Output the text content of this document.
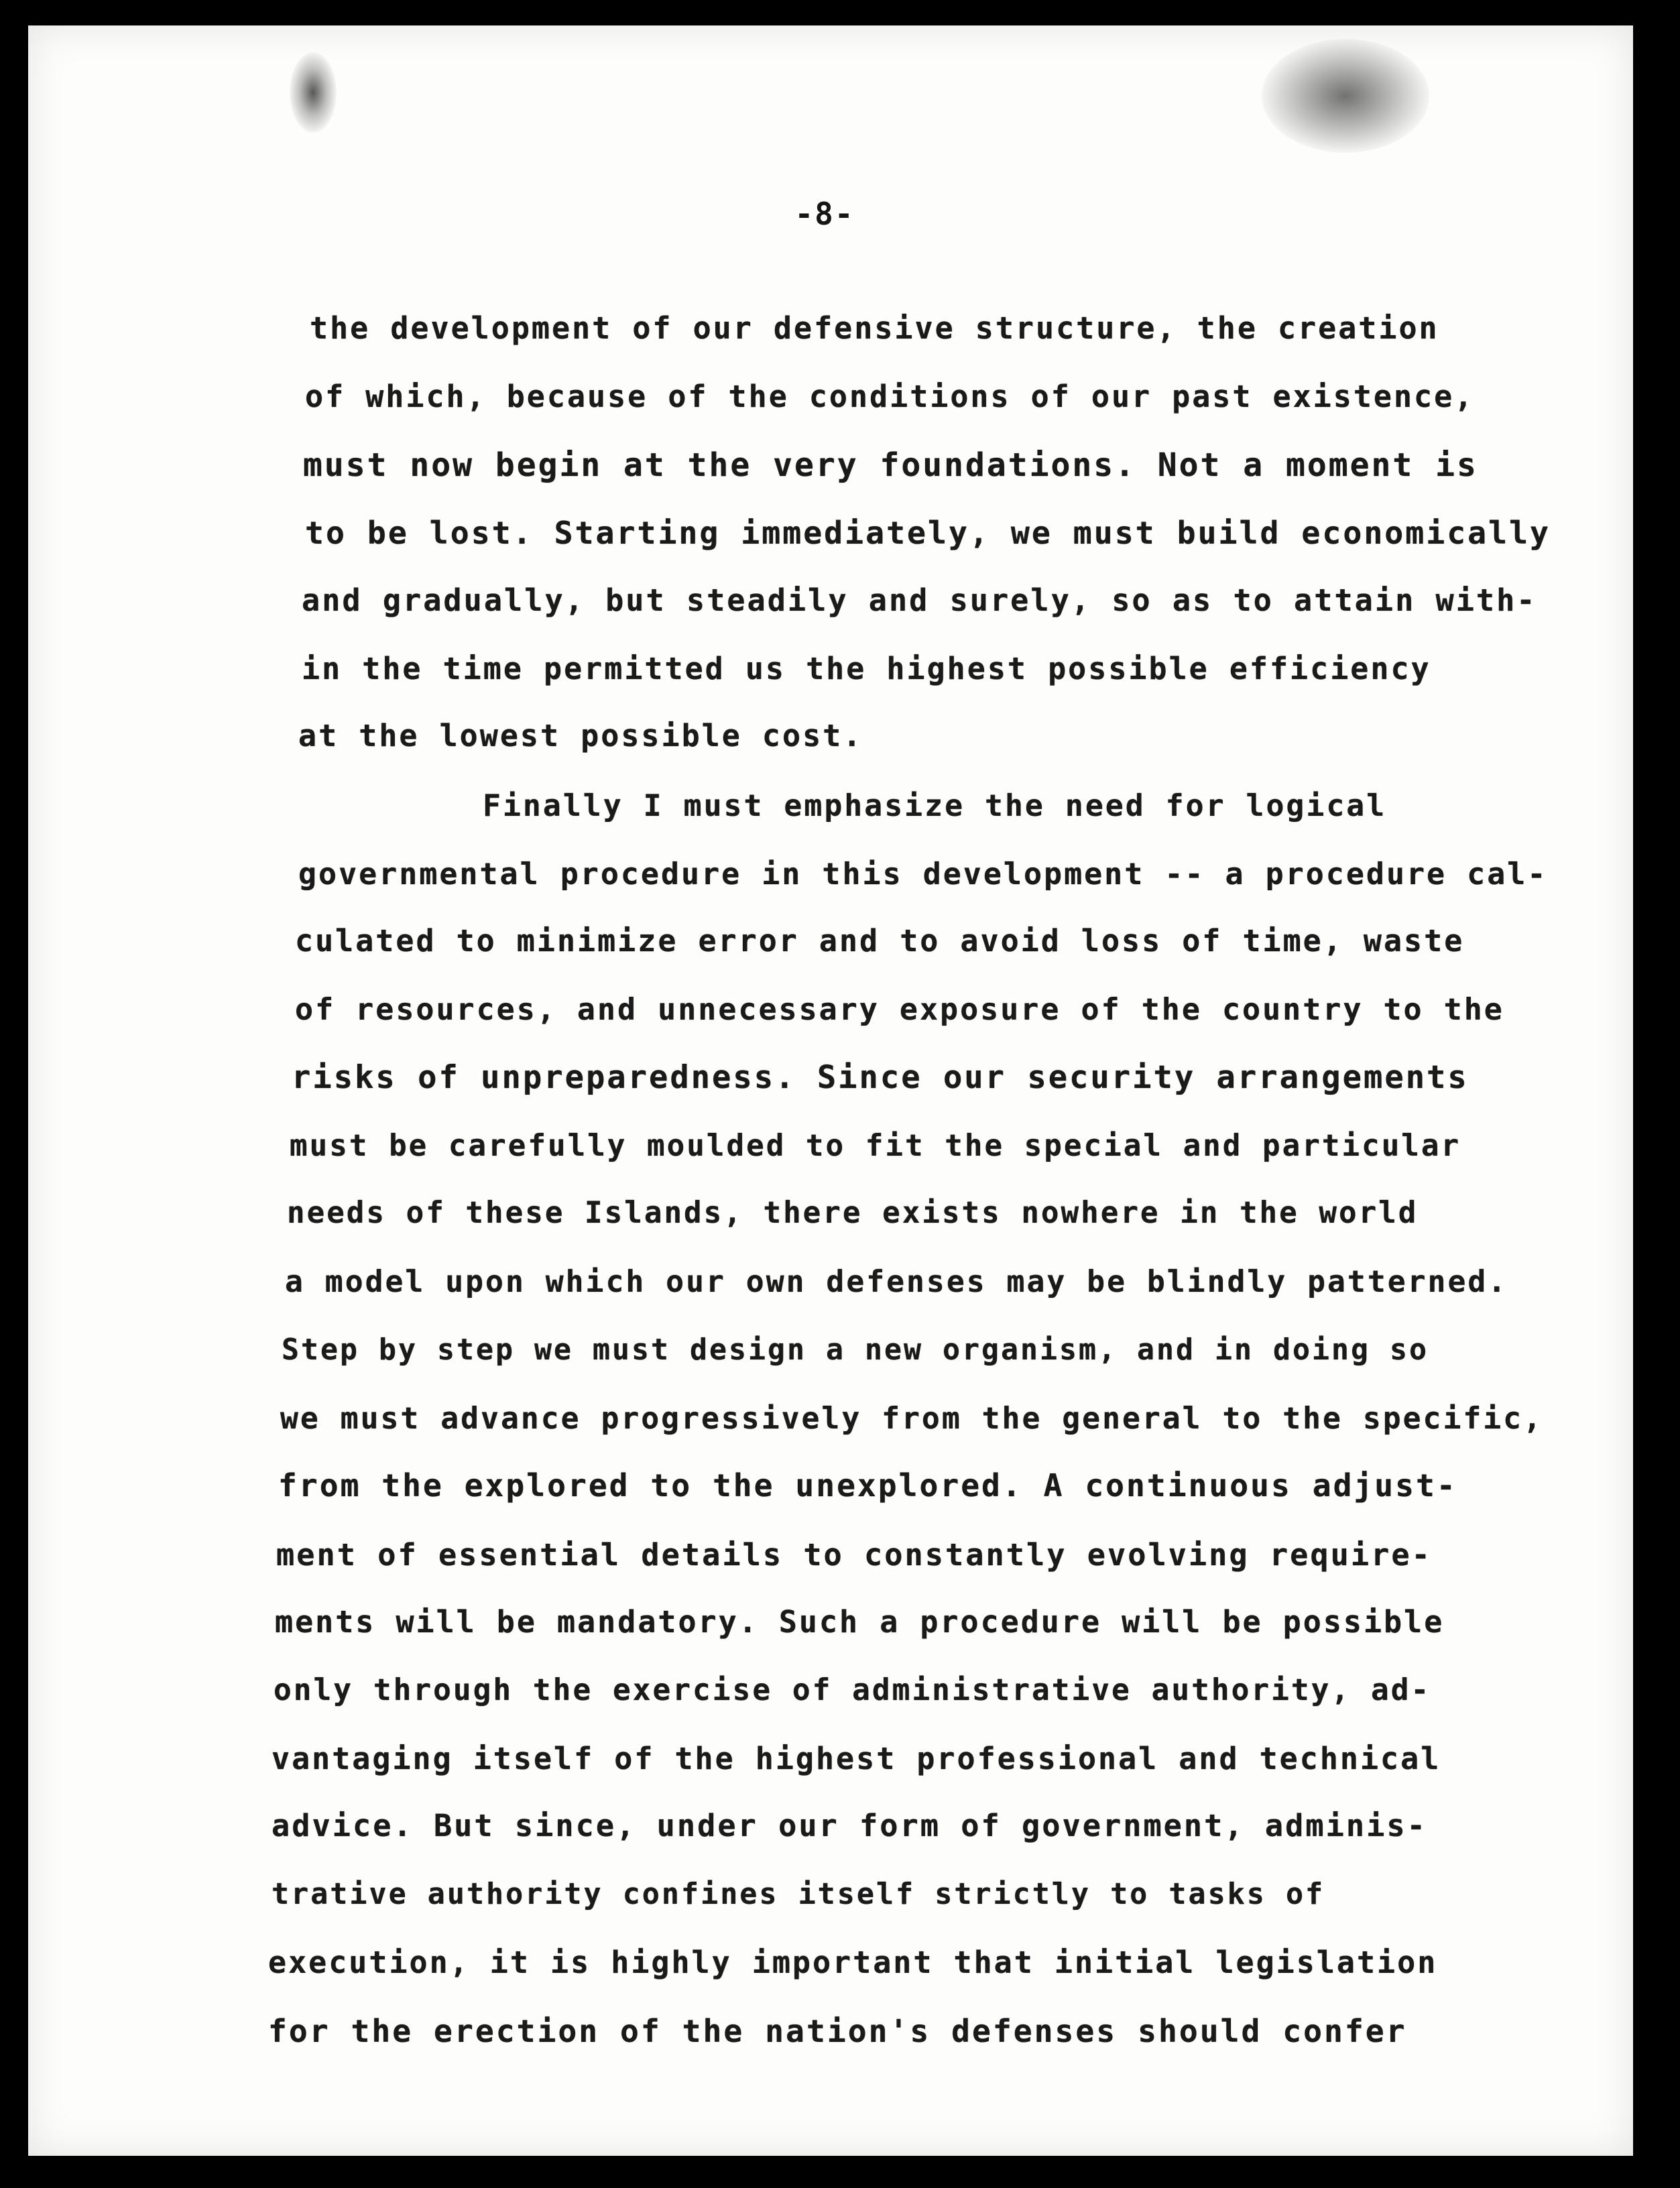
-8-
the development of our defensive structure, the creation
of which, because of the conditions of our past existence,
must now begin at the very foundations. Not a moment is
to be lost. Starting immediately, we must build economically
and gradually, but steadily and surely, so as to attain with-
in the time permitted us the highest possible efficiency
at the lowest possible cost.
Finally I must emphasize the need for logical
governmental procedure in this development -- a procedure cal-
culated to minimize error and to avoid loss of time, waste
of resources, and unnecessary exposure of the country to the
risks of unpreparedness. Since our security arrangements
must be carefully moulded to fit the special and particular
needs of these Islands, there exists nowhere in the world
a model upon which our own defenses may be blindly patterned.
Step by step we must design a new organism, and in doing so
we must advance progressively from the general to the specific,
from the explored to the unexplored. A continuous adjust-
ment of essential details to constantly evolving require-
ments will be mandatory. Such a procedure will be possible
only through the exercise of administrative authority, ad-
vantaging itself of the highest professional and technical
advice. But since, under our form of government, adminis-
trative authority confines itself strictly to tasks of
execution, it is highly important that initial legislation
for the erection of the nation's defenses should confer
